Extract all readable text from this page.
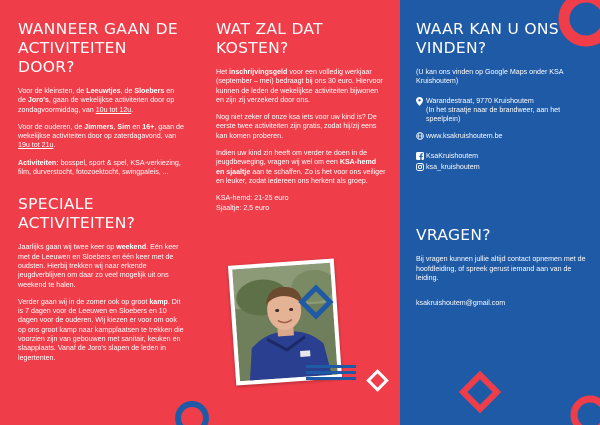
WANNEER GAAN DE ACTIVITEITEN DOOR?

Voor de kleinsten, de Leeuwtjes, de Sloebers en de Joro's, gaan de wekelijkse activiteiten door op zondagvoormiddag, van 10u tot 12u.

Voor de ouderen, de Jimmers, Sim en 16+, gaan de wekelijkse activiteiten door op zaterdagavond, van 19u tot 21u.

Activiteiten: bosspel, sport & spel, KSA-verkiezing, film, durverstocht, fotozoektocht, swingpaleis, ...

SPECIALE ACTIVITEITEN?

Jaarlijks gaan wij twee keer op weekend. Eén keer met de Leeuwen en Sloebers en één keer met de oudsten. Hierbij trekken wij naar erkende jeugdverblijven om daar zo veel mogelijk uit ons weekend te halen.

Verder gaan wij in de zomer ook op groot kamp. Dit is 7 dagen voor de Leeuwen en Sloebers en 10 dagen voor de ouderen. Wij kiezen er voor om ook op ons groot kamp naar kampplaatsen te trekken die voorzien zijn van gebouwen met sanitair, keuken en slaapplaats. Vanaf de Joro's slapen de leden in legertenten.

WAT ZAL DAT KOSTEN?

Het inschrijvingsgeld voor een volledig werkjaar (september – mei) bedraagt bij ons 30 euro. Hiervoor kunnen de leden de wekelijkse activiteiten bijwonen en zijn zij verzekerd door ons.

Nog niet zeker of onze ksa iets voor uw kind is? De eerste twee activiteiten zijn gratis, zodat hij/zij eens kan komen proberen.

Indien uw kind zin heeft om verder te doen in de jeugdbeweging, vragen wij wel om een KSA-hemd en sjaaltje aan te schaffen. Zo is het voor ons veiliger en leuker, zodat iedereen ons herkent als groep.

KSA-hemd: 21-25 euro
Sjaaltje: 2,5 euro

WAAR KAN U ONS VINDEN?

(U kan ons vinden op Google Maps onder KSA Kruishoutem)

Warandestraat, 9770 Kruishoutem
(In het straatje naar de brandweer, aan het speelplein)
www.ksakruishoutem.be
KsaKruishoutem
ksa_kruishoutem
VRAGEN?

Bij vragen kunnen jullie altijd contact opnemen met de hoofdleiding, of spreek gerust iemand aan van de leiding.

ksakruishoutem@gmail.com
